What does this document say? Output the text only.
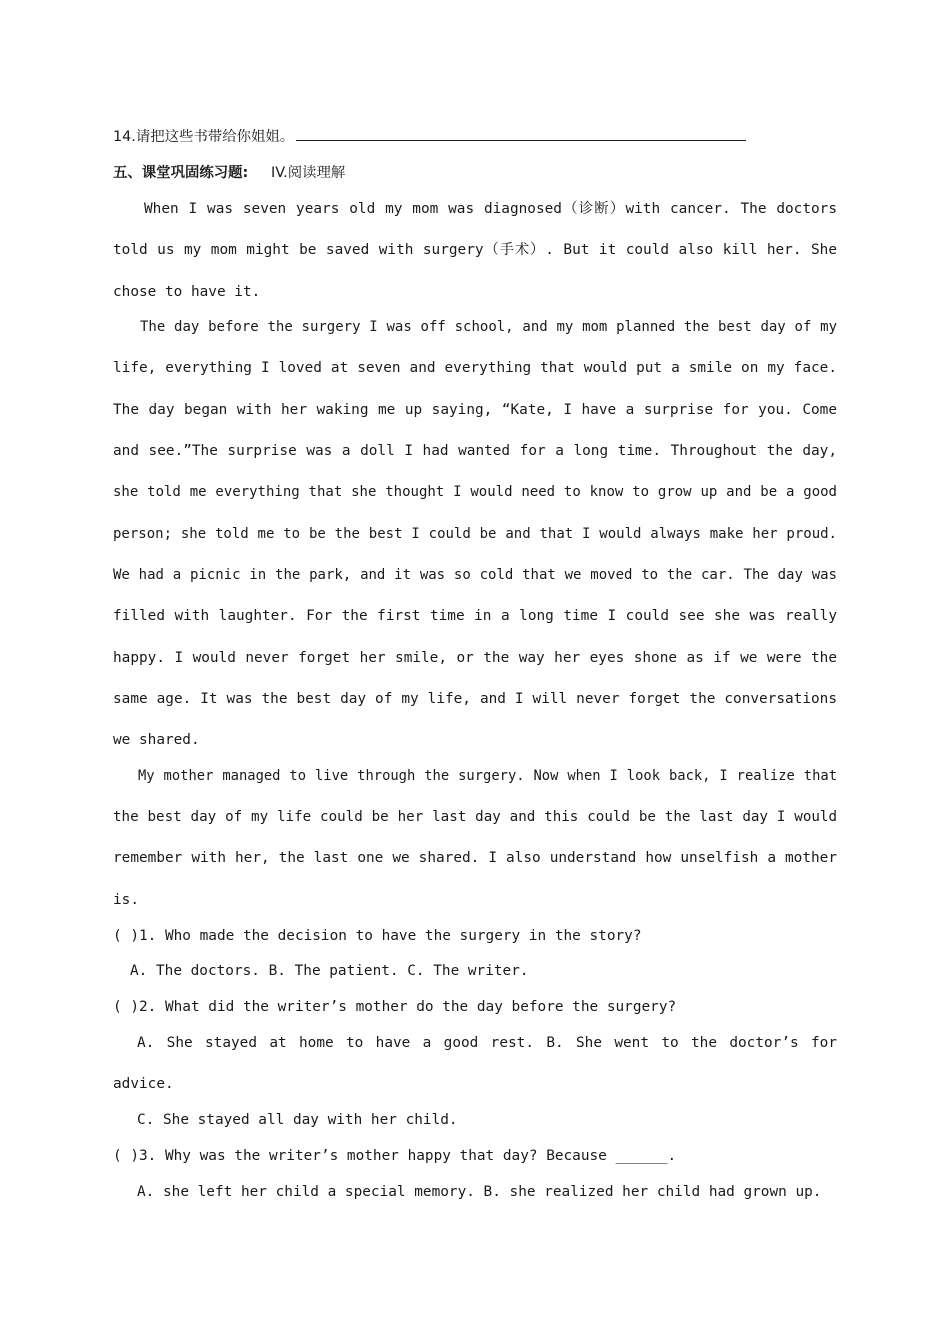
14.请把这些书带给你姐姐。
五、课堂巩固练习题: IV.阅读理解
When I was seven years old my mom was diagnosed（诊断）with cancer. The doctors
told us my mom might be saved with surgery（手术）. But it could also kill her. She
chose to have it.
The day before the surgery I was off school, and my mom planned the best day of my
life, everything I loved at seven and everything that would put a smile on my face.
The day began with her waking me up saying, “Kate, I have a surprise for you. Come
and see.”The surprise was a doll I had wanted for a long time. Throughout the day,
she told me everything that she thought I would need to know to grow up and be a good
person; she told me to be the best I could be and that I would always make her proud.
We had a picnic in the park, and it was so cold that we moved to the car. The day was
filled with laughter. For the first time in a long time I could see she was really
happy. I would never forget her smile, or the way her eyes shone as if we were the
same age. It was the best day of my life, and I will never forget the conversations
we shared.
My mother managed to live through the surgery. Now when I look back, I realize that
the best day of my life could be her last day and this could be the last day I would
remember with her, the last one we shared. I also understand how unselfish a mother
is.
( )1. Who made the decision to have the surgery in the story?
A. The doctors. B. The patient. C. The writer.
( )2. What did the writer’s mother do the day before the surgery?
A. She stayed at home to have a good rest. B. She went to the doctor’s for
advice.
C. She stayed all day with her child.
( )3. Why was the writer’s mother happy that day? Because ______.
A. she left her child a special memory. B. she realized her child had grown up.
